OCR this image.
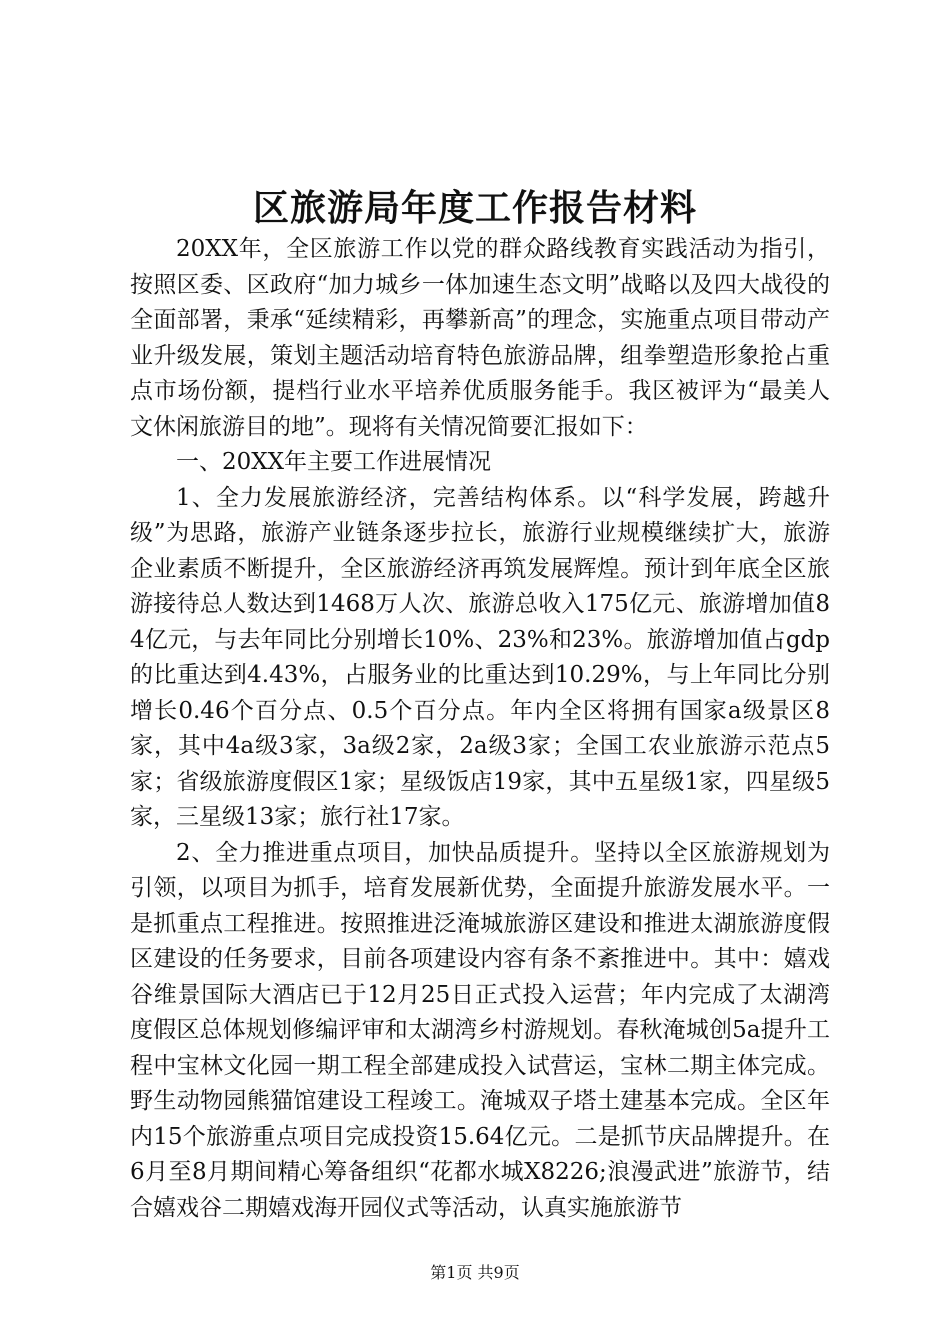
区旅游局年度工作报告材料

20XX年，全区旅游工作以党的群众路线教育实践活动为指引，按照区委、区政府“加力城乡一体加速生态文明”战略以及四大战役的全面部署，秉承“延续精彩，再攀新高”的理念，实施重点项目带动产业升级发展，策划主题活动培育特色旅游品牌，组拳塑造形象抢占重点市场份额，提档行业水平培养优质服务能手。我区被评为“最美人文休闲旅游目的地”。现将有关情况简要汇报如下：

一、20XX年主要工作进展情况

1、全力发展旅游经济，完善结构体系。以“科学发展，跨越升级”为思路，旅游产业链条逐步拉长，旅游行业规模继续扩大，旅游企业素质不断提升，全区旅游经济再筑发展辉煌。预计到年底全区旅游接待总人数达到1468万人次、旅游总收入175亿元、旅游增加值84亿元，与去年同比分别增长10%、23%和23%。旅游增加值占gdp的比重达到4.43%，占服务业的比重达到10.29%，与上年同比分别增长0.46个百分点、0.5个百分点。年内全区将拥有国家a级景区8家，其中4a级3家，3a级2家，2a级3家；全国工农业旅游示范点5家；省级旅游度假区1家；星级饭店19家，其中五星级1家，四星级5家，三星级13家；旅行社17家。

2、全力推进重点项目，加快品质提升。坚持以全区旅游规划为引领，以项目为抓手，培育发展新优势，全面提升旅游发展水平。一是抓重点工程推进。按照推进泛淹城旅游区建设和推进太湖旅游度假区建设的任务要求，目前各项建设内容有条不紊推进中。其中：嬉戏谷维景国际大酒店已于12月25日正式投入运营；年内完成了太湖湾度假区总体规划修编评审和太湖湾乡村游规划。春秋淹城创5a提升工程中宝林文化园一期工程全部建成投入试营运，宝林二期主体完成。野生动物园熊猫馆建设工程竣工。淹城双子塔土建基本完成。全区年内15个旅游重点项目完成投资15.64亿元。二是抓节庆品牌提升。在6月至8月期间精心筹备组织“花都水城X8226;浪漫武进”旅游节，结合嬉戏谷二期嬉戏海开园仪式等活动，认真实施旅游节

第1页 共9页
